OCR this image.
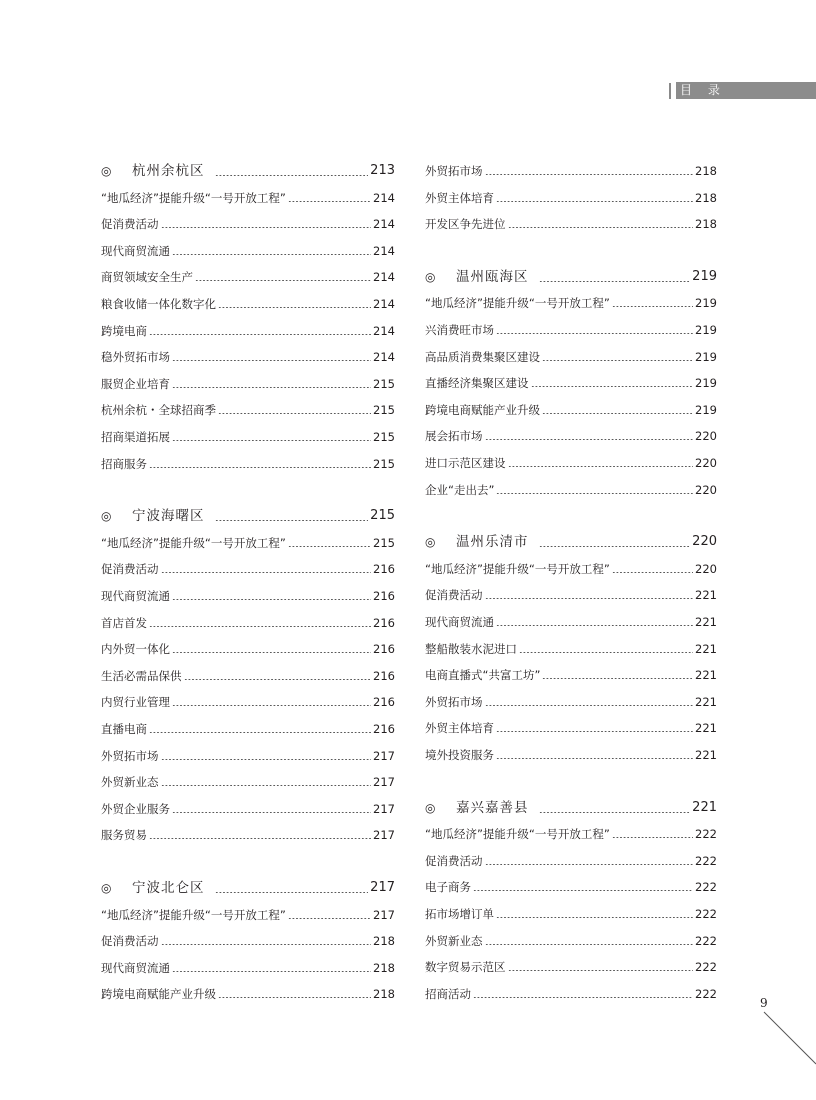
目 录
◎ 杭州余杭区	213
“地瓜经济”提能升级“一号开放工程”	214
促消费活动	214
现代商贸流通	214
商贸领域安全生产	214
粮食收储一体化数字化	214
跨境电商	214
稳外贸拓市场	214
服贸企业培育	215
杭州余杭・全球招商季	215
招商渠道拓展	215
招商服务	215
◎ 宁波海曙区	215
“地瓜经济”提能升级“一号开放工程”	215
促消费活动	216
现代商贸流通	216
首店首发	216
内外贸一体化	216
生活必需品保供	216
内贸行业管理	216
直播电商	216
外贸拓市场	217
外贸新业态	217
外贸企业服务	217
服务贸易	217
◎ 宁波北仑区	217
“地瓜经济”提能升级“一号开放工程”	217
促消费活动	218
现代商贸流通	218
跨境电商赋能产业升级	218
外贸拓市场	218
外贸主体培育	218
开发区争先进位	218
◎ 温州瓯海区	219
“地瓜经济”提能升级“一号开放工程”	219
兴消费旺市场	219
高品质消费集聚区建设	219
直播经济集聚区建设	219
跨境电商赋能产业升级	219
展会拓市场	220
进口示范区建设	220
企业“走出去”	220
◎ 温州乐清市	220
“地瓜经济”提能升级“一号开放工程”	220
促消费活动	221
现代商贸流通	221
整船散装水泥进口	221
电商直播式“共富工坊”	221
外贸拓市场	221
外贸主体培育	221
境外投资服务	221
◎ 嘉兴嘉善县	221
“地瓜经济”提能升级“一号开放工程”	222
促消费活动	222
电子商务	222
拓市场增订单	222
外贸新业态	222
数字贸易示范区	222
招商活动	222
9
